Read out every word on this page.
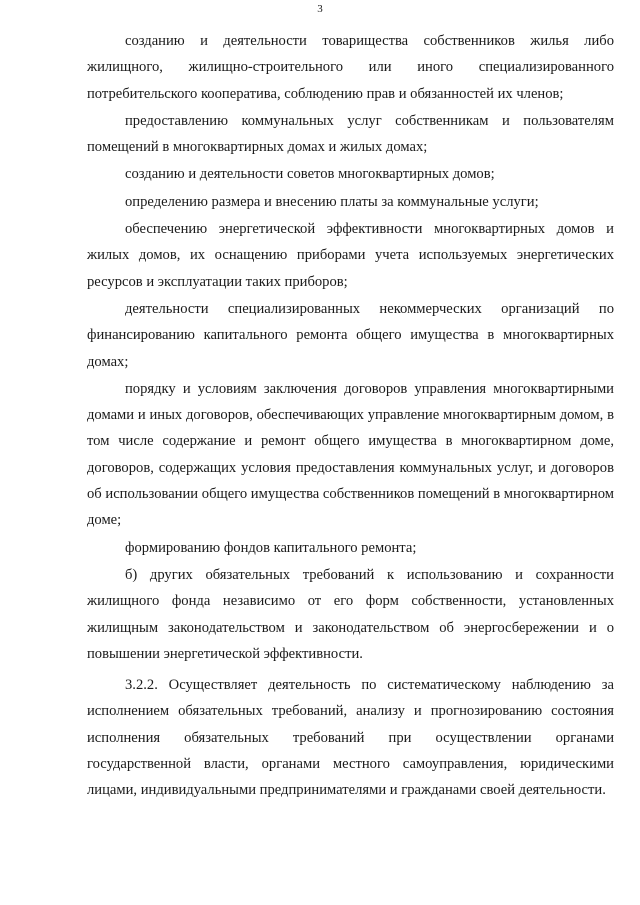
3

созданию и деятельности товарищества собственников жилья либо жилищного, жилищно-строительного или иного специализированного потребительского кооператива, соблюдению прав и обязанностей их членов;

предоставлению коммунальных услуг собственникам и пользователям помещений в многоквартирных домах и жилых домах;

созданию и деятельности советов многоквартирных домов;

определению размера и внесению платы за коммунальные услуги;

обеспечению энергетической эффективности многоквартирных домов и жилых домов, их оснащению приборами учета используемых энергетических ресурсов и эксплуатации таких приборов;

деятельности специализированных некоммерческих организаций по финансированию капитального ремонта общего имущества в многоквартирных домах;

порядку и условиям заключения договоров управления многоквартирными домами и иных договоров, обеспечивающих управление многоквартирным домом, в том числе содержание и ремонт общего имущества в многоквартирном доме, договоров, содержащих условия предоставления коммунальных услуг, и договоров об использовании общего имущества собственников помещений в многоквартирном доме;

формированию фондов капитального ремонта;

б) других обязательных требований к использованию и сохранности жилищного фонда независимо от его форм собственности, установленных жилищным законодательством и законодательством об энергосбережении и о повышении энергетической эффективности.

3.2.2. Осуществляет деятельность по систематическому наблюдению за исполнением обязательных требований, анализу и прогнозированию состояния исполнения обязательных требований при осуществлении органами государственной власти, органами местного самоуправления, юридическими лицами, индивидуальными предпринимателями и гражданами своей деятельности.
